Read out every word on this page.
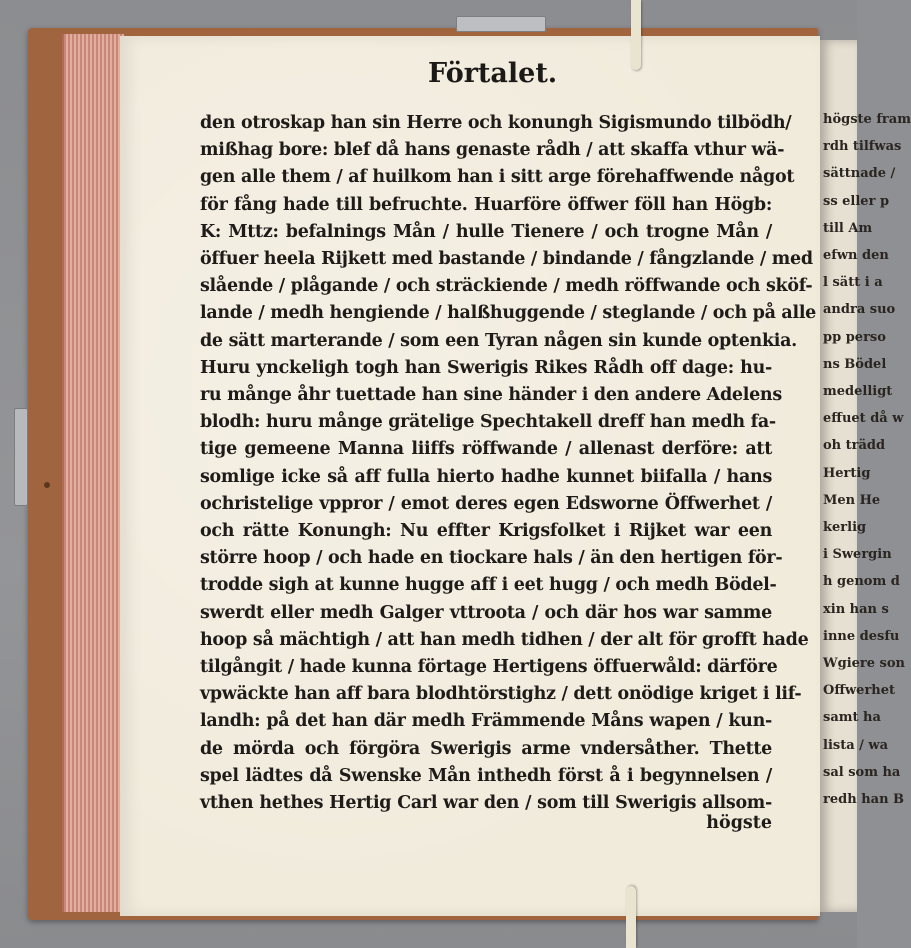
högste fram
rdh tilfwas
sättnade /
ss eller p
till Am
efwn den
l sätt i a
andra suo
pp perso
ns Bödel
medelligt
effuet då w
oh trädd
Hertig
Men He
kerlig
i Swergin
h genom d
xin han s
inne desfu
Wgiere son
Offwerhet
samt ha
lista / wa
sal som ha
redh han B
Förtalet.
den otroskap han sin Herre och konungh Sigismundo tilbödh/
mißhag bore: blef då hans genaste rådh / att skaffa vthur wä-
gen alle them / af huilkom han i sitt arge förehaffwende något
för fång hade till befruchte. Huarföre öffwer föll han Högb:
K: Mttz: befalnings Mån / hulle Tienere / och trogne Mån /
öffuer heela Rijkett med bastande / bindande / fångzlande / med
slående / plågande / och sträckiende / medh röffwande och sköf-
lande / medh hengiende / halßhuggende / steglande / och på alle
de sätt marterande / som een Tyran någen sin kunde optenkia.
Huru ynckeligh togh han Swerigis Rikes Rådh off dage: hu-
ru månge åhr tuettade han sine händer i den andere Adelens
blodh: huru månge grätelige Spechtakell dreff han medh fa-
tige gemeene Manna liiffs röffwande / allenast derföre: att
somlige icke så aff fulla hierto hadhe kunnet biifalla / hans
ochristelige vppror / emot deres egen Edsworne Öffwerhet /
och rätte Konungh: Nu effter Krigsfolket i Rijket war een
större hoop / och hade en tiockare hals / än den hertigen för-
trodde sigh at kunne hugge aff i eet hugg / och medh Bödel-
swerdt eller medh Galger vttroota / och där hos war samme
hoop så mächtigh / att han medh tidhen / der alt för grofft hade
tilgångit / hade kunna förtage Hertigens öffuerwåld: därföre
vpwäckte han aff bara blodhtörstighz / dett onödige kriget i lif-
landh: på det han där medh Främmende Måns wapen / kun-
de mörda och förgöra Swerigis arme vndersåther. Thette
spel lädtes då Swenske Mån inthedh först å i begynnelsen /
vthen hethes Hertig Carl war den / som till Swerigis allsom-
högste
